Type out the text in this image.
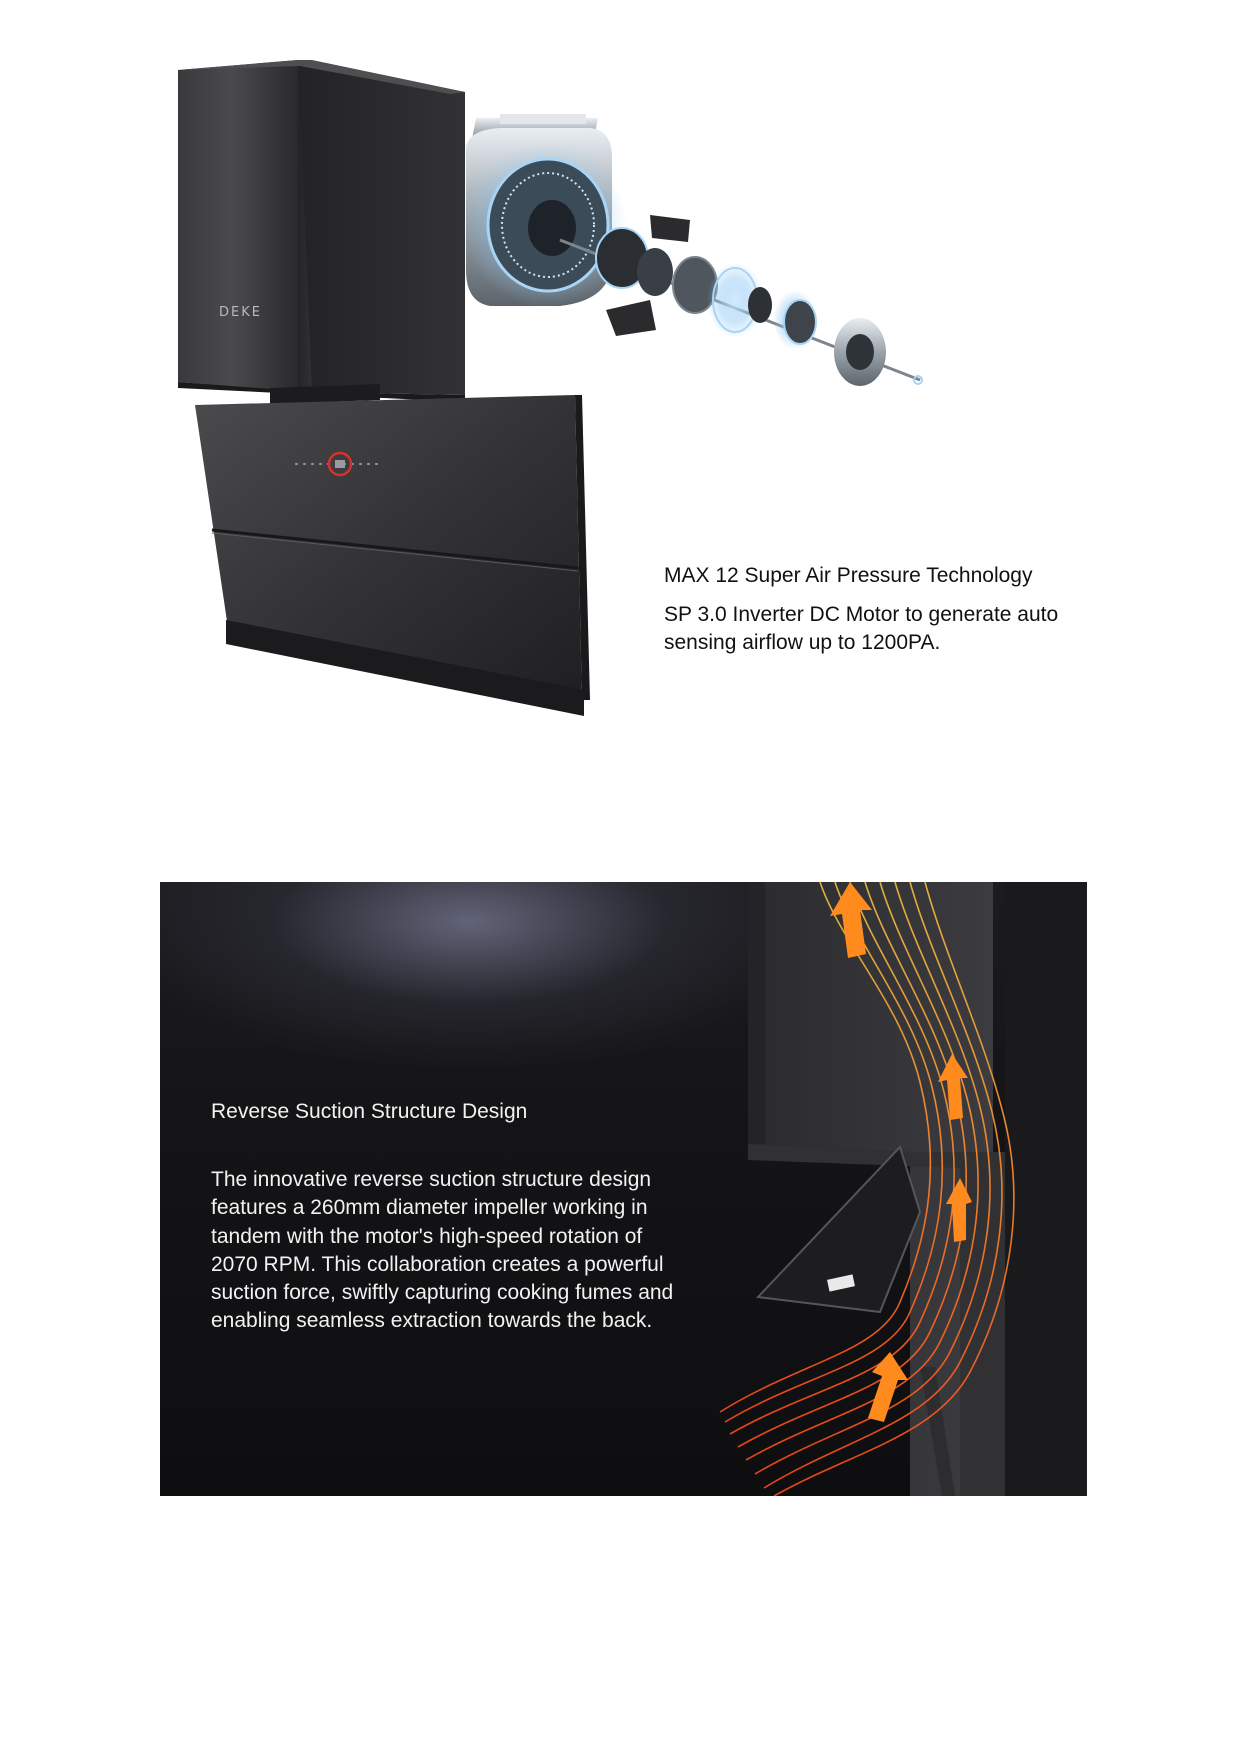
DEKE
MAX 12 Super Air Pressure Technology

SP 3.0 Inverter DC Motor to generate auto sensing airflow up to 1200PA.

Reverse Suction Structure Design

The innovative reverse suction structure design features a 260mm diameter impeller working in tandem with the motor's high-speed rotation of 2070 RPM. This collaboration creates a powerful suction force, swiftly capturing cooking fumes and enabling seamless extraction towards the back.
